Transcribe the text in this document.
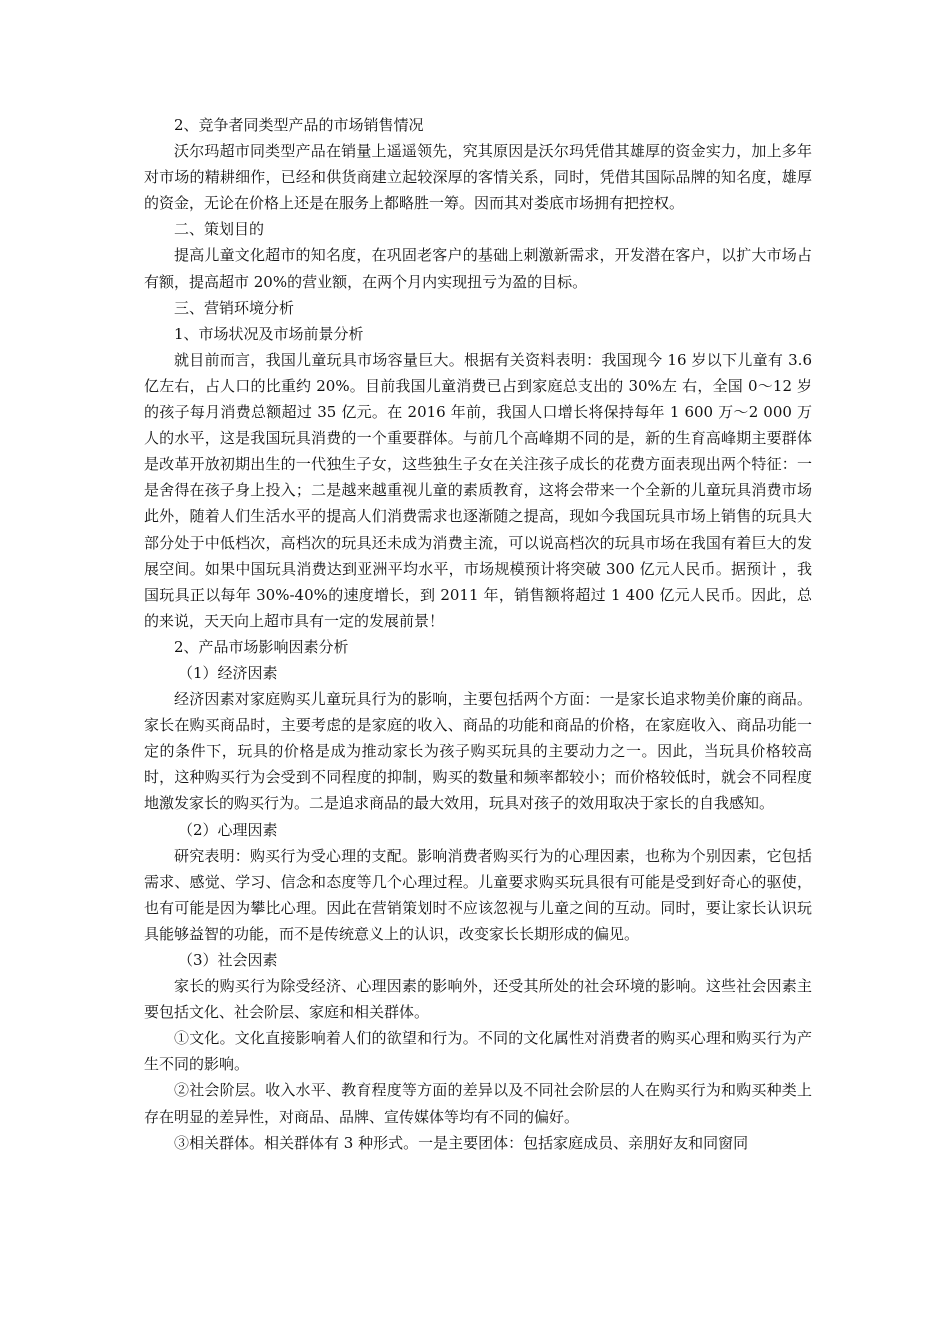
2、竞争者同类型产品的市场销售情况

沃尔玛超市同类型产品在销量上遥遥领先，究其原因是沃尔玛凭借其雄厚的资金实力，加上多年对市场的精耕细作，已经和供货商建立起较深厚的客情关系，同时，凭借其国际品牌的知名度，雄厚的资金，无论在价格上还是在服务上都略胜一筹。因而其对娄底市场拥有把控权。

二、策划目的

提高儿童文化超市的知名度，在巩固老客户的基础上刺激新需求，开发潜在客户，以扩大市场占有额，提高超市 20%的营业额，在两个月内实现扭亏为盈的目标。

三、营销环境分析

1、市场状况及市场前景分析

就目前而言，我国儿童玩具市场容量巨大。根据有关资料表明：我国现今 16 岁以下儿童有 3.6 亿左右，占人口的比重约 20%。目前我国儿童消费已占到家庭总支出的 30%左 右，全国 0～12 岁的孩子每月消费总额超过 35 亿元。在 2016 年前，我国人口增长将保持每年 1 600 万～2 000 万人的水平，这是我国玩具消费的一个重要群体。与前几个高峰期不同的是，新的生育高峰期主要群体是改革开放初期出生的一代独生子女，这些独生子女在关注孩子成长的花费方面表现出两个特征：一是舍得在孩子身上投入；二是越来越重视儿童的素质教育，这将会带来一个全新的儿童玩具消费市场此外，随着人们生活水平的提高人们消费需求也逐渐随之提高，现如今我国玩具市场上销售的玩具大部分处于中低档次，高档次的玩具还未成为消费主流，可以说高档次的玩具市场在我国有着巨大的发展空间。如果中国玩具消费达到亚洲平均水平，市场规模预计将突破 300 亿元人民币。据预计 ，我国玩具正以每年 30%-40%的速度增长，到 2011 年，销售额将超过 1 400 亿元人民币。因此，总的来说，天天向上超市具有一定的发展前景！

2、产品市场影响因素分析

（1）经济因素

经济因素对家庭购买儿童玩具行为的影响，主要包括两个方面：一是家长追求物美价廉的商品。家长在购买商品时，主要考虑的是家庭的收入、商品的功能和商品的价格，在家庭收入、商品功能一定的条件下，玩具的价格是成为推动家长为孩子购买玩具的主要动力之一。因此，当玩具价格较高时，这种购买行为会受到不同程度的抑制，购买的数量和频率都较小；而价格较低时，就会不同程度地激发家长的购买行为。二是追求商品的最大效用，玩具对孩子的效用取决于家长的自我感知。

（2）心理因素

研究表明：购买行为受心理的支配。影响消费者购买行为的心理因素，也称为个别因素，它包括需求、感觉、学习、信念和态度等几个心理过程。儿童要求购买玩具很有可能是受到好奇心的驱使，也有可能是因为攀比心理。因此在营销策划时不应该忽视与儿童之间的互动。同时，要让家长认识玩具能够益智的功能，而不是传统意义上的认识，改变家长长期形成的偏见。

（3）社会因素

家长的购买行为除受经济、心理因素的影响外，还受其所处的社会环境的影响。这些社会因素主要包括文化、社会阶层、家庭和相关群体。

①文化。文化直接影响着人们的欲望和行为。不同的文化属性对消费者的购买心理和购买行为产生不同的影响。

②社会阶层。收入水平、教育程度等方面的差异以及不同社会阶层的人在购买行为和购买种类上存在明显的差异性，对商品、品牌、宣传媒体等均有不同的偏好。

③相关群体。相关群体有 3 种形式。一是主要团体：包括家庭成员、亲朋好友和同窗同
